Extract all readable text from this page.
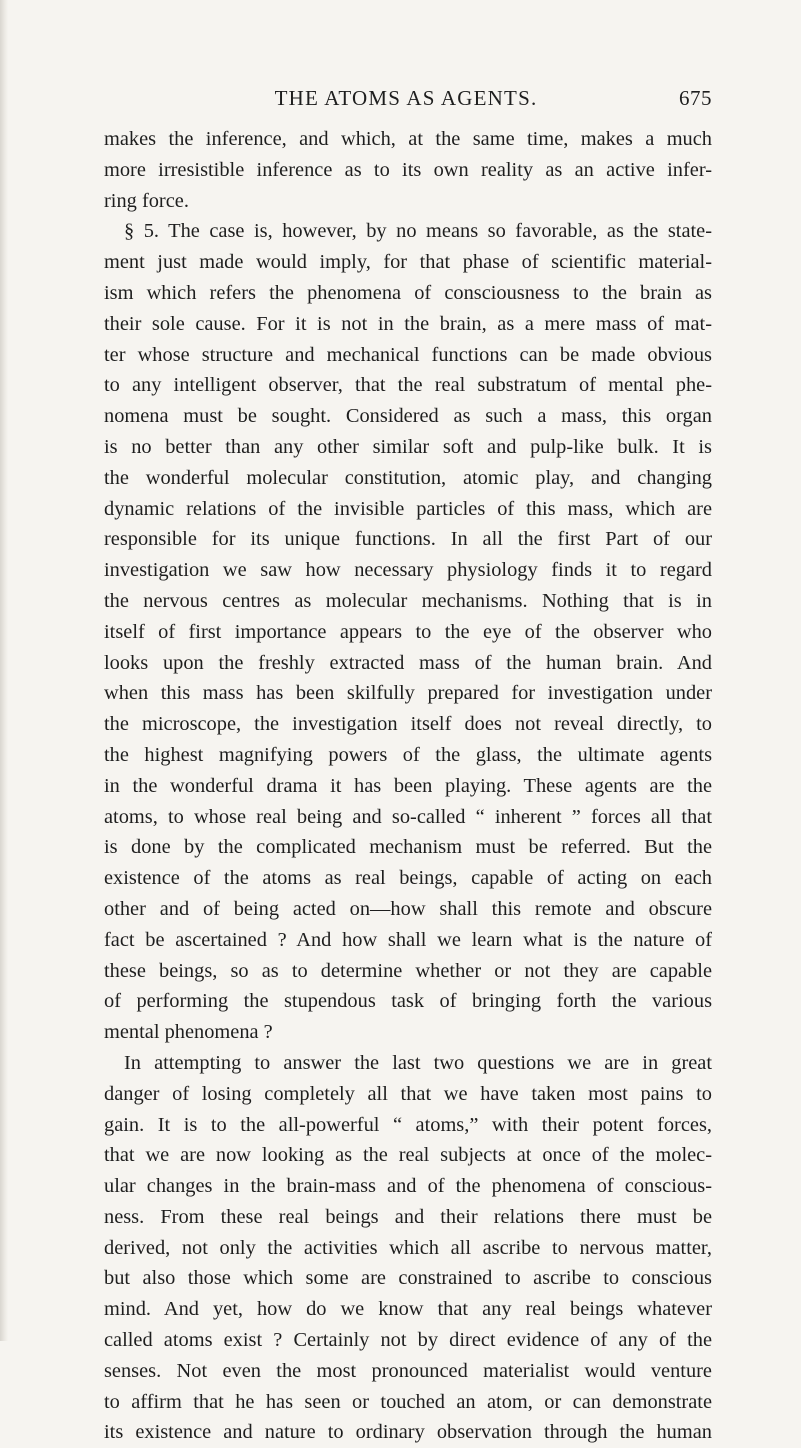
THE ATOMS AS AGENTS.	675
makes the inference, and which, at the same time, makes a much
more irresistible inference as to its own reality as an active infer-
ring force.
§ 5. The case is, however, by no means so favorable, as the state-
ment just made would imply, for that phase of scientific material-
ism which refers the phenomena of consciousness to the brain as
their sole cause. For it is not in the brain, as a mere mass of mat-
ter whose structure and mechanical functions can be made obvious
to any intelligent observer, that the real substratum of mental phe-
nomena must be sought. Considered as such a mass, this organ
is no better than any other similar soft and pulp-like bulk. It is
the wonderful molecular constitution, atomic play, and changing
dynamic relations of the invisible particles of this mass, which are
responsible for its unique functions. In all the first Part of our
investigation we saw how necessary physiology finds it to regard
the nervous centres as molecular mechanisms. Nothing that is in
itself of first importance appears to the eye of the observer who
looks upon the freshly extracted mass of the human brain. And
when this mass has been skilfully prepared for investigation under
the microscope, the investigation itself does not reveal directly, to
the highest magnifying powers of the glass, the ultimate agents
in the wonderful drama it has been playing. These agents are the
atoms, to whose real being and so-called “ inherent ” forces all that
is done by the complicated mechanism must be referred. But the
existence of the atoms as real beings, capable of acting on each
other and of being acted on—how shall this remote and obscure
fact be ascertained ? And how shall we learn what is the nature of
these beings, so as to determine whether or not they are capable
of performing the stupendous task of bringing forth the various
mental phenomena ?
In attempting to answer the last two questions we are in great
danger of losing completely all that we have taken most pains to
gain. It is to the all-powerful “ atoms,” with their potent forces,
that we are now looking as the real subjects at once of the molec-
ular changes in the brain-mass and of the phenomena of conscious-
ness. From these real beings and their relations there must be
derived, not only the activities which all ascribe to nervous matter,
but also those which some are constrained to ascribe to conscious
mind. And yet, how do we know that any real beings whatever
called atoms exist ? Certainly not by direct evidence of any of the
senses. Not even the most pronounced materialist would venture
to affirm that he has seen or touched an atom, or can demonstrate
its existence and nature to ordinary observation through the human
